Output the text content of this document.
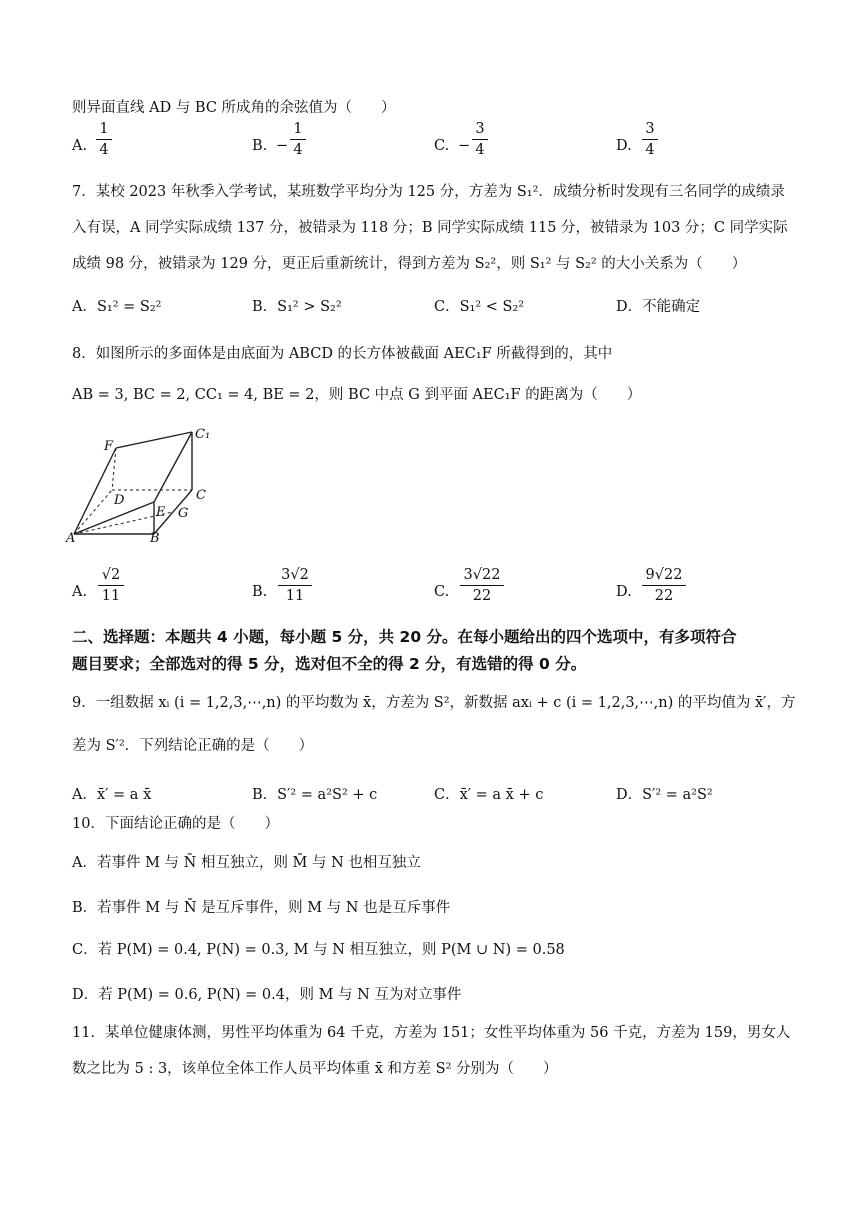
则异面直线 AD 与 BC 所成角的余弦值为（　　）
A.
1
4	B. −
1
4	C. −
3
4	D.
3
4
7．某校 2023 年秋季入学考试，某班数学平均分为 125 分，方差为 S₁²．成绩分析时发现有三名同学的成绩录
入有误，A 同学实际成绩 137 分，被错录为 118 分；B 同学实际成绩 115 分，被错录为 103 分；C 同学实际
成绩 98 分，被错录为 129 分，更正后重新统计，得到方差为 S₂²，则 S₁² 与 S₂² 的大小关系为（　　）
A．S₁² = S₂²	B．S₁² > S₂²	C．S₁² < S₂²	D．不能确定
8．如图所示的多面体是由底面为 ABCD 的长方体被截面 AEC₁F 所截得到的，其中
AB = 3, BC = 2, CC₁ = 4, BE = 2，则 BC 中点 G 到平面 AEC₁F 的距离为（　　）
F
C₁
D	C
E G
A	B
A.
√2
11	B.
3√2
11	C.
3√22
22	D.
9√22
22
二、选择题：本题共 4 小题，每小题 5 分，共 20 分。在每小题给出的四个选项中，有多项符合
题目要求；全部选对的得 5 分，选对但不全的得 2 分，有选错的得 0 分。
9．一组数据 xᵢ (i = 1,2,3,⋯,n) 的平均数为 x̄，方差为 S²，新数据 axᵢ + c (i = 1,2,3,⋯,n) 的平均值为 x̄′，方
差为 S′²．下列结论正确的是（　　）
A．x̄′ = a x̄	B．S′² = a²S² + c	C．x̄′ = a x̄ + c	D．S′² = a²S²
10．下面结论正确的是（　　）
A．若事件 M 与 N̄ 相互独立，则 M̄ 与 N 也相互独立
B．若事件 M 与 N̄ 是互斥事件，则 M 与 N 也是互斥事件
C．若 P(M) = 0.4, P(N) = 0.3, M 与 N 相互独立，则 P(M ∪ N) = 0.58
D．若 P(M) = 0.6, P(N) = 0.4，则 M 与 N 互为对立事件
11．某单位健康体测，男性平均体重为 64 千克，方差为 151；女性平均体重为 56 千克，方差为 159，男女人
数之比为 5 : 3，该单位全体工作人员平均体重 x̄ 和方差 S² 分别为（　　）
